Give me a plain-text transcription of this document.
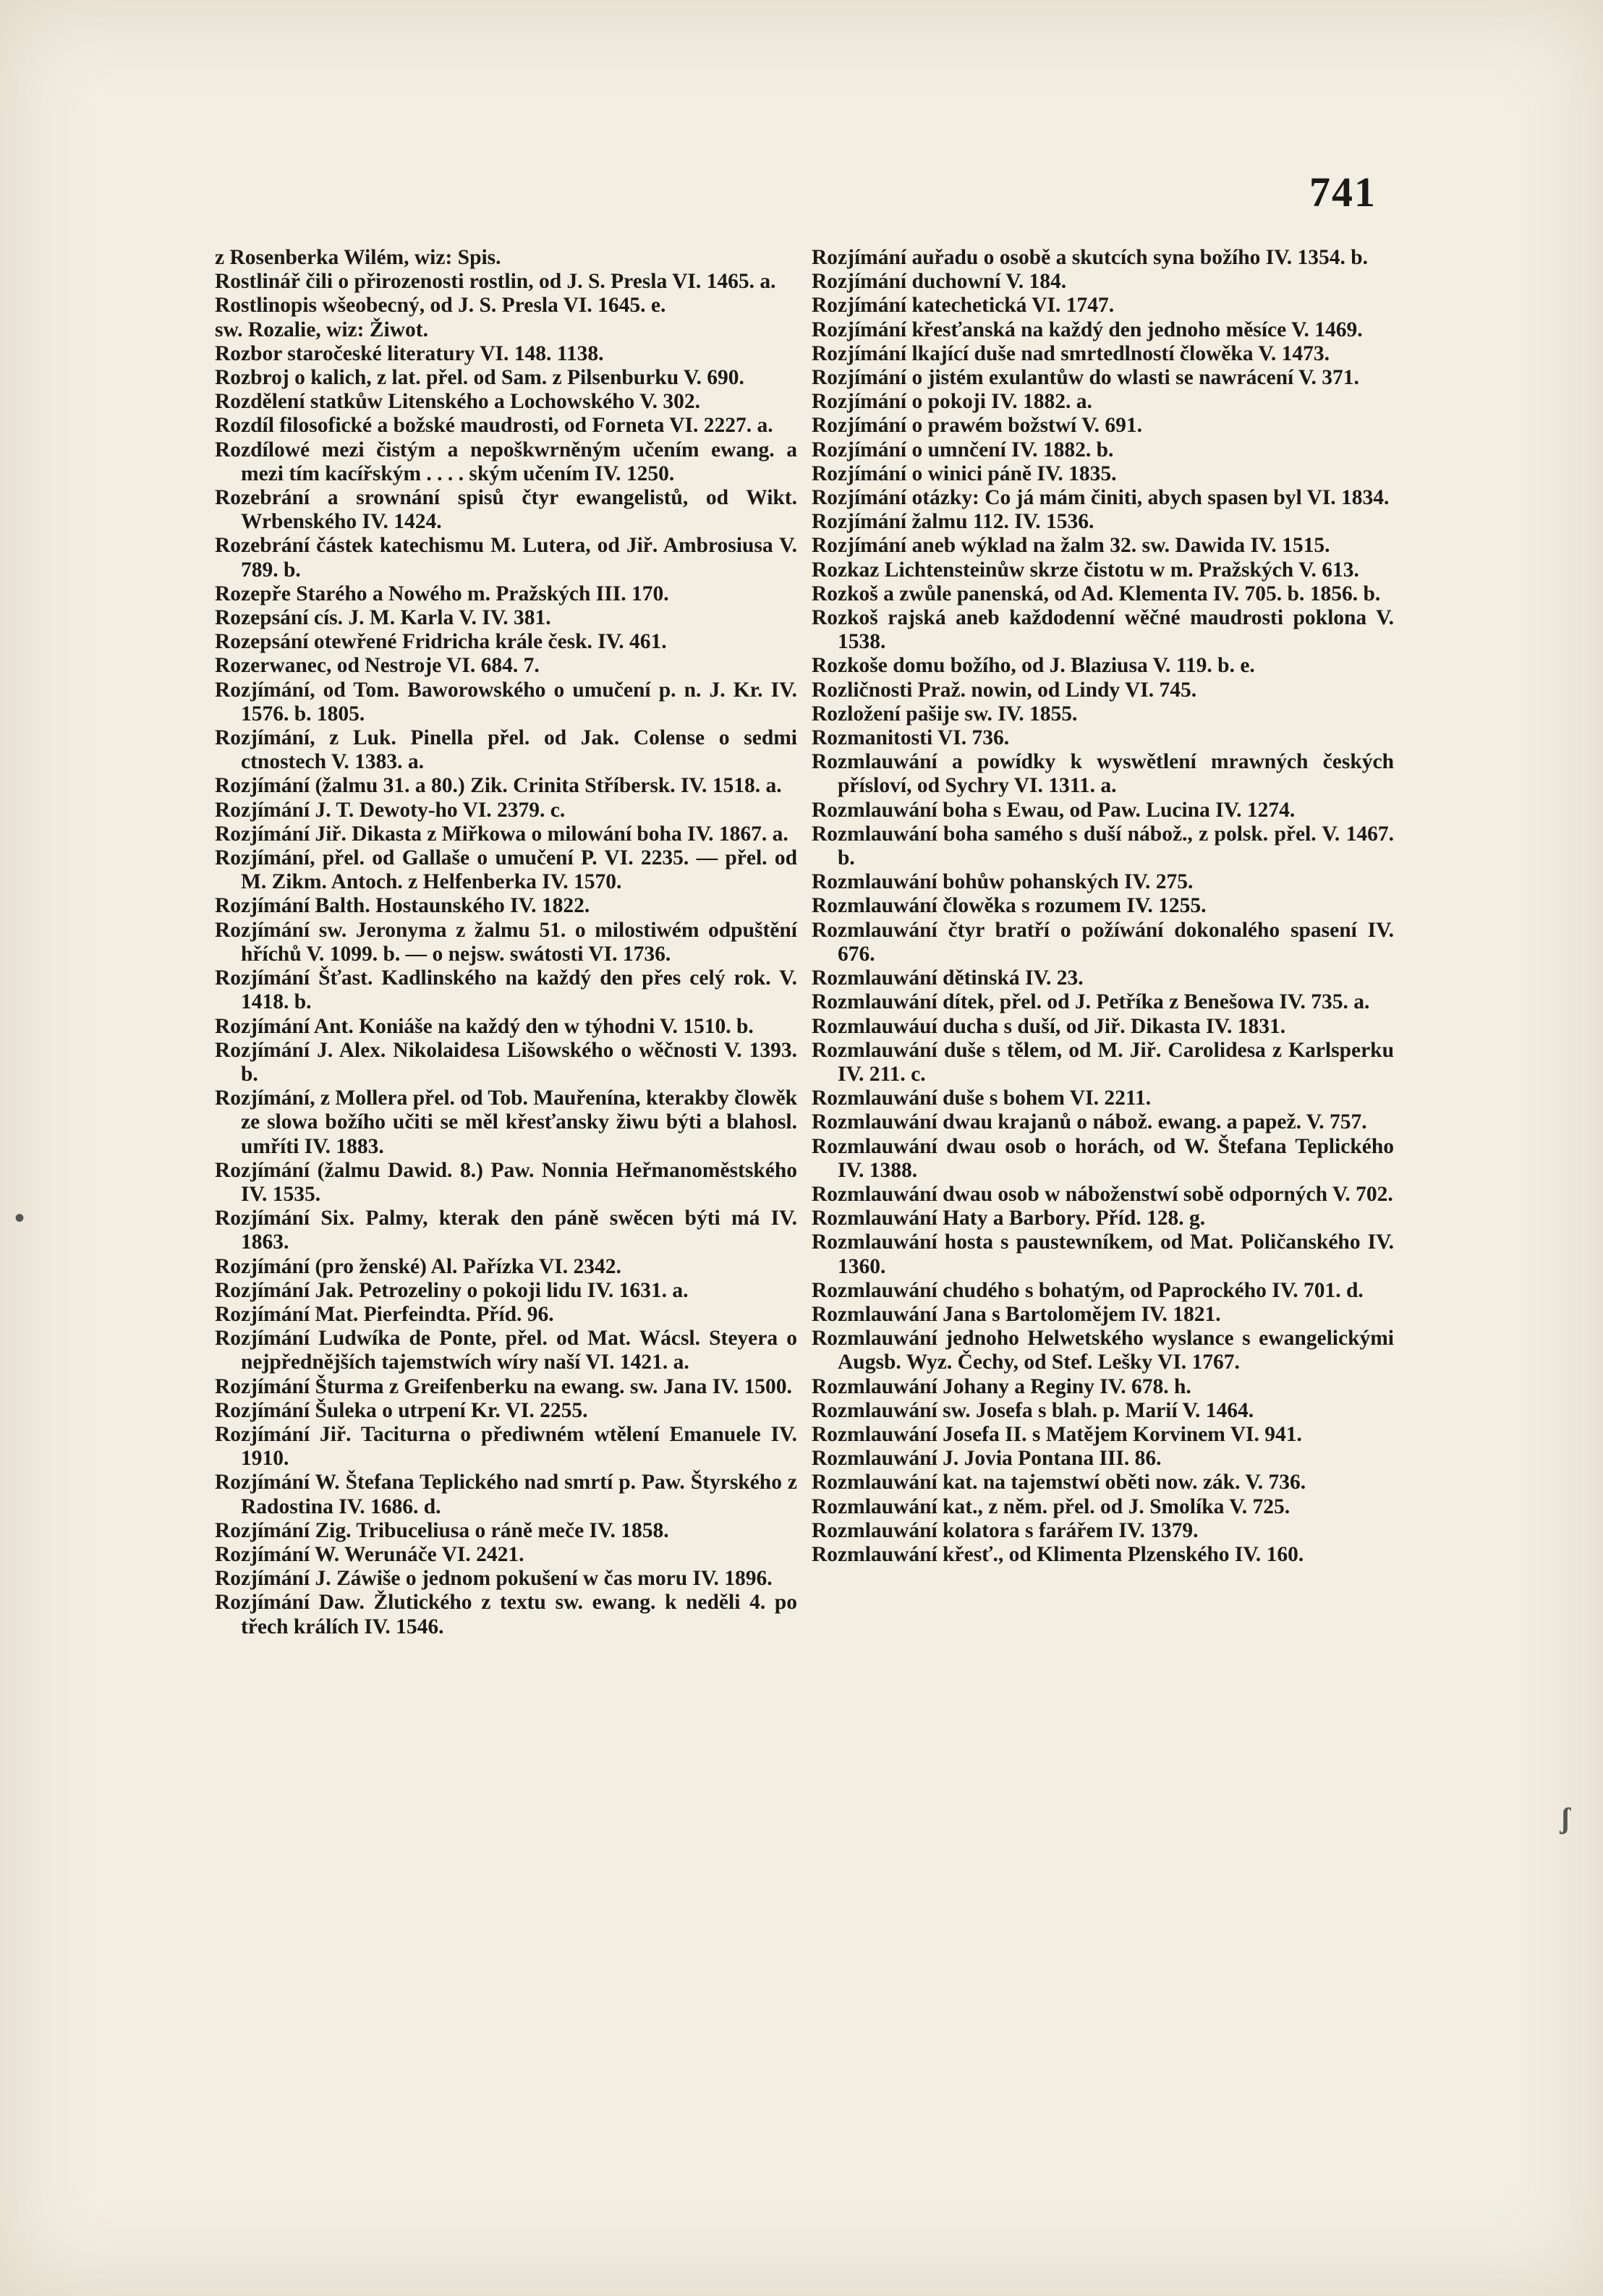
741

z Rosenberka Wilém, wiz: Spis.

Rostlinář čili o přirozenosti rostlin, od J. S. Presla VI. 1465. a.

Rostlinopis wšeobecný, od J. S. Presla VI. 1645. e.

sw. Rozalie, wiz: Žiwot.

Rozbor staročeské literatury VI. 148. 1138.

Rozbroj o kalich, z lat. přel. od Sam. z Pilsenburku V. 690.

Rozdělení statkůw Litenského a Lochowského V. 302.

Rozdíl filosofické a božské maudrosti, od Forneta VI. 2227. a.

Rozdílowé mezi čistým a nepoškwrněným učením ewang. a mezi tím kacířským . . . . ským učením IV. 1250.

Rozebrání a srownání spisů čtyr ewangelistů, od Wikt. Wrbenského IV. 1424.

Rozebrání částek katechismu M. Lutera, od Jiř. Ambrosiusa V. 789. b.

Rozepře Starého a Nowého m. Pražských III. 170.

Rozepsání cís. J. M. Karla V. IV. 381.

Rozepsání otewřené Fridricha krále česk. IV. 461.

Rozerwanec, od Nestroje VI. 684. 7.

Rozjímání, od Tom. Baworowského o umučení p. n. J. Kr. IV. 1576. b. 1805.

Rozjímání, z Luk. Pinella přel. od Jak. Colense o sedmi ctnostech V. 1383. a.

Rozjímání (žalmu 31. a 80.) Zik. Crinita Stříbersk. IV. 1518. a.

Rozjímání J. T. Dewoty-ho VI. 2379. c.

Rozjímání Jiř. Dikasta z Miřkowa o milowání boha IV. 1867. a.

Rozjímání, přel. od Gallaše o umučení P. VI. 2235. — přel. od M. Zikm. Antoch. z Helfenberka IV. 1570.

Rozjímání Balth. Hostaunského IV. 1822.

Rozjímání sw. Jeronyma z žalmu 51. o milostiwém odpuštění hříchů V. 1099. b. — o nejsw. swátosti VI. 1736.

Rozjímání Šťast. Kadlinského na každý den přes celý rok. V. 1418. b.

Rozjímání Ant. Koniáše na každý den w týhodni V. 1510. b.

Rozjímání J. Alex. Nikolaidesa Lišowského o wěčnosti V. 1393. b.

Rozjímání, z Mollera přel. od Tob. Mauřenína, kterakby člowěk ze slowa božího učiti se měl křesťansky žiwu býti a blahosl. umříti IV. 1883.

Rozjímání (žalmu Dawid. 8.) Paw. Nonnia Heřmanoměstského IV. 1535.

Rozjímání Six. Palmy, kterak den páně swěcen býti má IV. 1863.

Rozjímání (pro ženské) Al. Pařízka VI. 2342.

Rozjímání Jak. Petrozeliny o pokoji lidu IV. 1631. a.

Rozjímání Mat. Pierfeindta. Příd. 96.

Rozjímání Ludwíka de Ponte, přel. od Mat. Wácsl. Steyera o nejpřednějších tajemstwích wíry naší VI. 1421. a.

Rozjímání Šturma z Greifenberku na ewang. sw. Jana IV. 1500.

Rozjímání Šuleka o utrpení Kr. VI. 2255.

Rozjímání Jiř. Taciturna o přediwném wtělení Emanuele IV. 1910.

Rozjímání W. Štefana Teplického nad smrtí p. Paw. Štyrského z Radostina IV. 1686. d.

Rozjímání Zig. Tribuceliusa o ráně meče IV. 1858.

Rozjímání W. Werunáče VI. 2421.

Rozjímání J. Záwiše o jednom pokušení w čas moru IV. 1896.

Rozjímání Daw. Žlutického z textu sw. ewang. k neděli 4. po třech králích IV. 1546.

Rozjímání auřadu o osobě a skutcích syna božího IV. 1354. b.

Rozjímání duchowní V. 184.

Rozjímání katechetická VI. 1747.

Rozjímání křesťanská na každý den jednoho měsíce V. 1469.

Rozjímání lkající duše nad smrtedlností člowěka V. 1473.

Rozjímání o jistém exulantůw do wlasti se nawrácení V. 371.

Rozjímání o pokoji IV. 1882. a.

Rozjímání o prawém božstwí V. 691.

Rozjímání o umnčení IV. 1882. b.

Rozjímání o winici páně IV. 1835.

Rozjímání otázky: Co já mám činiti, abych spasen byl VI. 1834.

Rozjímání žalmu 112. IV. 1536.

Rozjímání aneb wýklad na žalm 32. sw. Dawida IV. 1515.

Rozkaz Lichtensteinůw skrze čistotu w m. Pražských V. 613.

Rozkoš a zwůle panenská, od Ad. Klementa IV. 705. b. 1856. b.

Rozkoš rajská aneb každodenní wěčné maudrosti poklona V. 1538.

Rozkoše domu božího, od J. Blaziusa V. 119. b. e.

Rozličnosti Praž. nowin, od Lindy VI. 745.

Rozložení pašije sw. IV. 1855.

Rozmanitosti VI. 736.

Rozmlauwání a powídky k wyswětlení mrawných českých přísloví, od Sychry VI. 1311. a.

Rozmlauwání boha s Ewau, od Paw. Lucina IV. 1274.

Rozmlauwání boha samého s duší nábož., z polsk. přel. V. 1467. b.

Rozmlauwání bohůw pohanských IV. 275.

Rozmlauwání člowěka s rozumem IV. 1255.

Rozmlauwání čtyr bratří o požíwání dokonalého spasení IV. 676.

Rozmlauwání dětinská IV. 23.

Rozmlauwání dítek, přel. od J. Petříka z Benešowa IV. 735. a.

Rozmlauwáuí ducha s duší, od Jiř. Dikasta IV. 1831.

Rozmlauwání duše s tělem, od M. Jiř. Carolidesa z Karlsperku IV. 211. c.

Rozmlauwání duše s bohem VI. 2211.

Rozmlauwání dwau krajanů o nábož. ewang. a papež. V. 757.

Rozmlauwání dwau osob o horách, od W. Štefana Teplického IV. 1388.

Rozmlauwání dwau osob w náboženstwí sobě odporných V. 702.

Rozmlauwání Haty a Barbory. Příd. 128. g.

Rozmlauwání hosta s paustewníkem, od Mat. Poličanského IV. 1360.

Rozmlauwání chudého s bohatým, od Paprockého IV. 701. d.

Rozmlauwání Jana s Bartolomějem IV. 1821.

Rozmlauwání jednoho Helwetského wyslance s ewangelickými Augsb. Wyz. Čechy, od Stef. Lešky VI. 1767.

Rozmlauwání Johany a Reginy IV. 678. h.

Rozmlauwání sw. Josefa s blah. p. Marií V. 1464.

Rozmlauwání Josefa II. s Matějem Korvinem VI. 941.

Rozmlauwání J. Jovia Pontana III. 86.

Rozmlauwání kat. na tajemstwí oběti now. zák. V. 736.

Rozmlauwání kat., z něm. přel. od J. Smolíka V. 725.

Rozmlauwání kolatora s farářem IV. 1379.

Rozmlauwání křesť., od Klimenta Plzenského IV. 160.

•
ʃ
